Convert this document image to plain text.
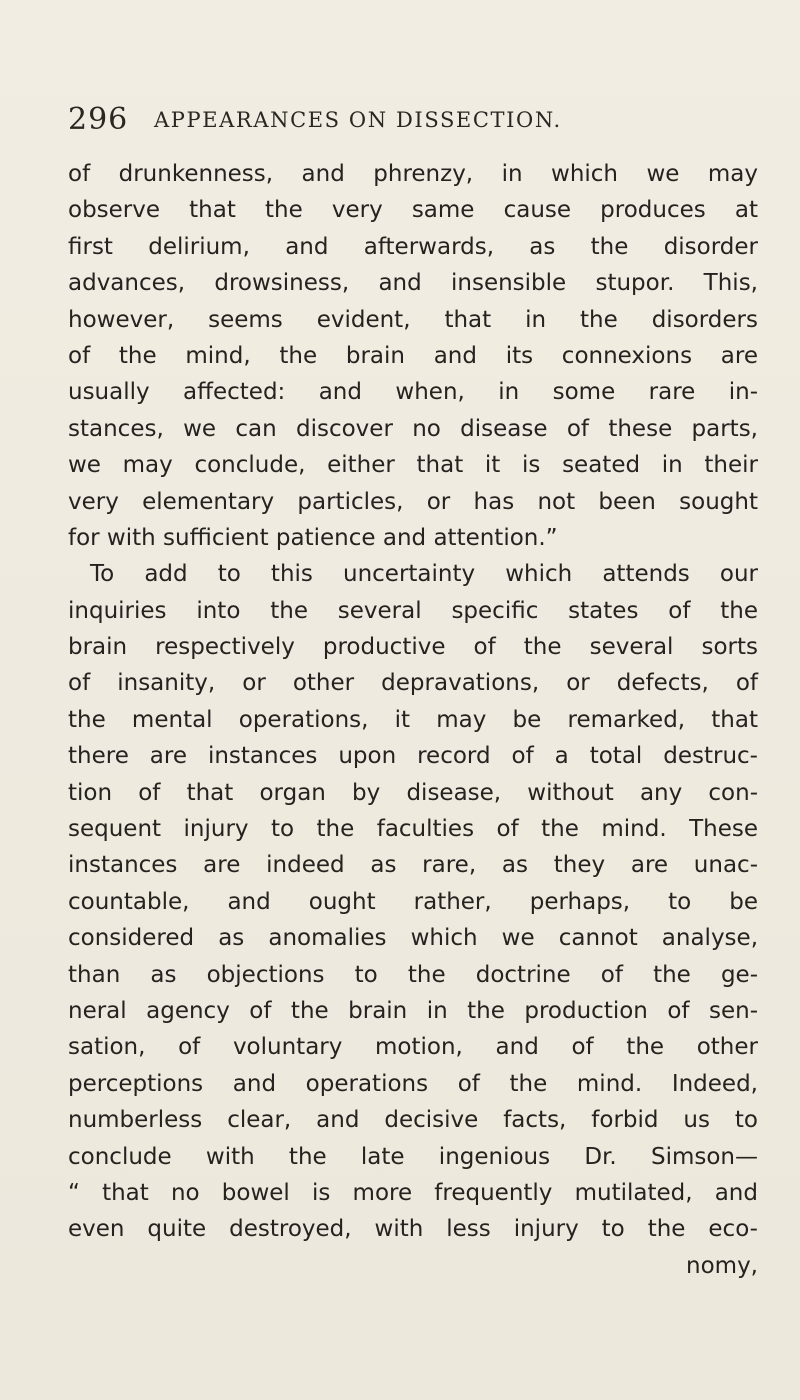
296 APPEARANCES ON DISSECTION.
of drunkenness, and phrenzy, in which we may
observe that the very same cause produces at
first delirium, and afterwards, as the disorder
advances, drowsiness, and insensible stupor. This,
however, seems evident, that in the disorders
of the mind, the brain and its connexions are
usually affected: and when, in some rare in-
stances, we can discover no disease of these parts,
we may conclude, either that it is seated in their
very elementary particles, or has not been sought
for with sufficient patience and attention.”
To add to this uncertainty which attends our
inquiries into the several specific states of the
brain respectively productive of the several sorts
of insanity, or other depravations, or defects, of
the mental operations, it may be remarked, that
there are instances upon record of a total destruc-
tion of that organ by disease, without any con-
sequent injury to the faculties of the mind. These
instances are indeed as rare, as they are unac-
countable, and ought rather, perhaps, to be
considered as anomalies which we cannot analyse,
than as objections to the doctrine of the ge-
neral agency of the brain in the production of sen-
sation, of voluntary motion, and of the other
perceptions and operations of the mind. Indeed,
numberless clear, and decisive facts, forbid us to
conclude with the late ingenious Dr. Simson—
“ that no bowel is more frequently mutilated, and
even quite destroyed, with less injury to the eco-
nomy,
